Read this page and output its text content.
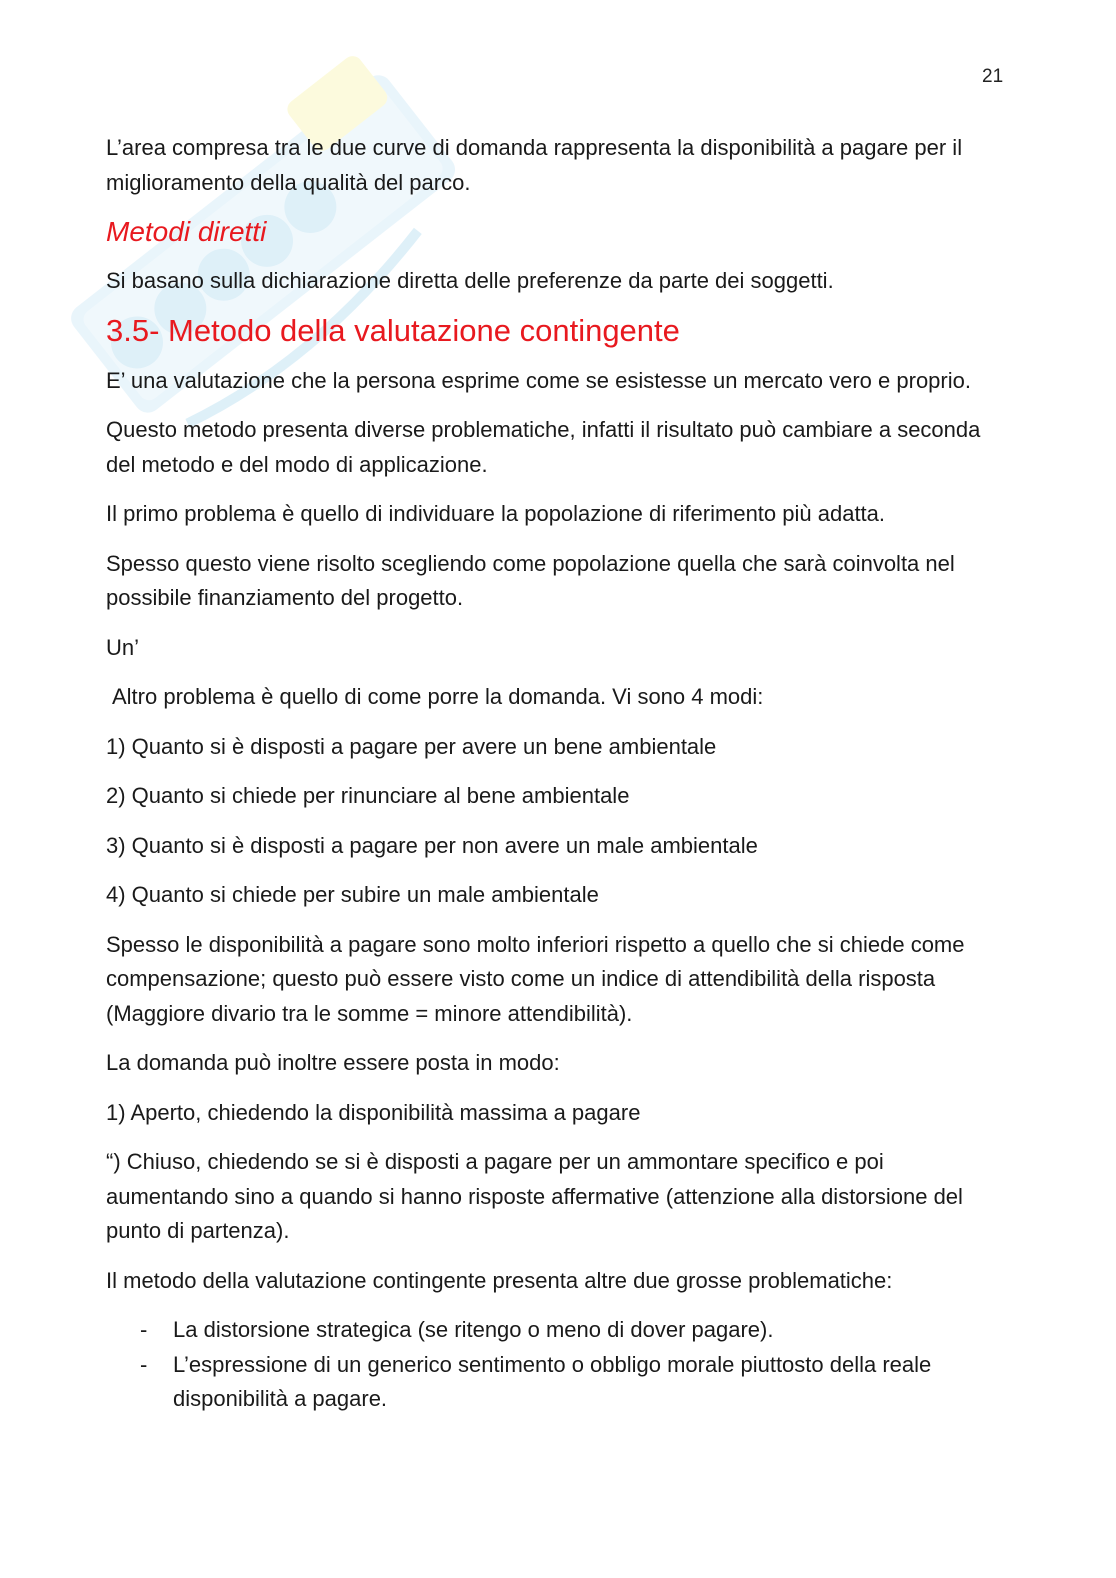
21

L’area compresa tra le due curve di domanda rappresenta la disponibilità a pagare per il miglioramento della qualità del parco.

Metodi diretti

Si basano sulla dichiarazione diretta delle preferenze da parte dei soggetti.

3.5- Metodo della valutazione contingente

E’ una valutazione che la persona esprime come se esistesse un mercato vero e proprio.

Questo metodo presenta diverse problematiche, infatti il risultato può cambiare a seconda del metodo e del modo di applicazione.

Il primo problema è quello di individuare la popolazione di riferimento più adatta.

Spesso questo viene risolto scegliendo come popolazione quella che sarà coinvolta nel possibile finanziamento del progetto.

Un’

Altro problema è quello di come porre la domanda. Vi sono 4 modi:

1) Quanto si è disposti a pagare per avere un bene ambientale

2) Quanto si chiede per rinunciare al bene ambientale

3) Quanto si è disposti a pagare per non avere un male ambientale

4) Quanto si chiede per subire un male ambientale

Spesso le disponibilità a pagare sono molto inferiori rispetto a quello che si chiede come compensazione; questo può essere visto come un indice di attendibilità della risposta (Maggiore divario tra le somme = minore attendibilità).

La domanda può inoltre essere posta in modo:

1) Aperto, chiedendo la disponibilità massima a pagare

“) Chiuso, chiedendo se si è disposti a pagare per un ammontare specifico e poi aumentando sino a quando si hanno risposte affermative (attenzione alla distorsione del punto di partenza).

Il metodo della valutazione contingente presenta altre due grosse problematiche:

- La distorsione strategica (se ritengo o meno di dover pagare).
- L’espressione di un generico sentimento o obbligo morale piuttosto della reale disponibilità a pagare.
